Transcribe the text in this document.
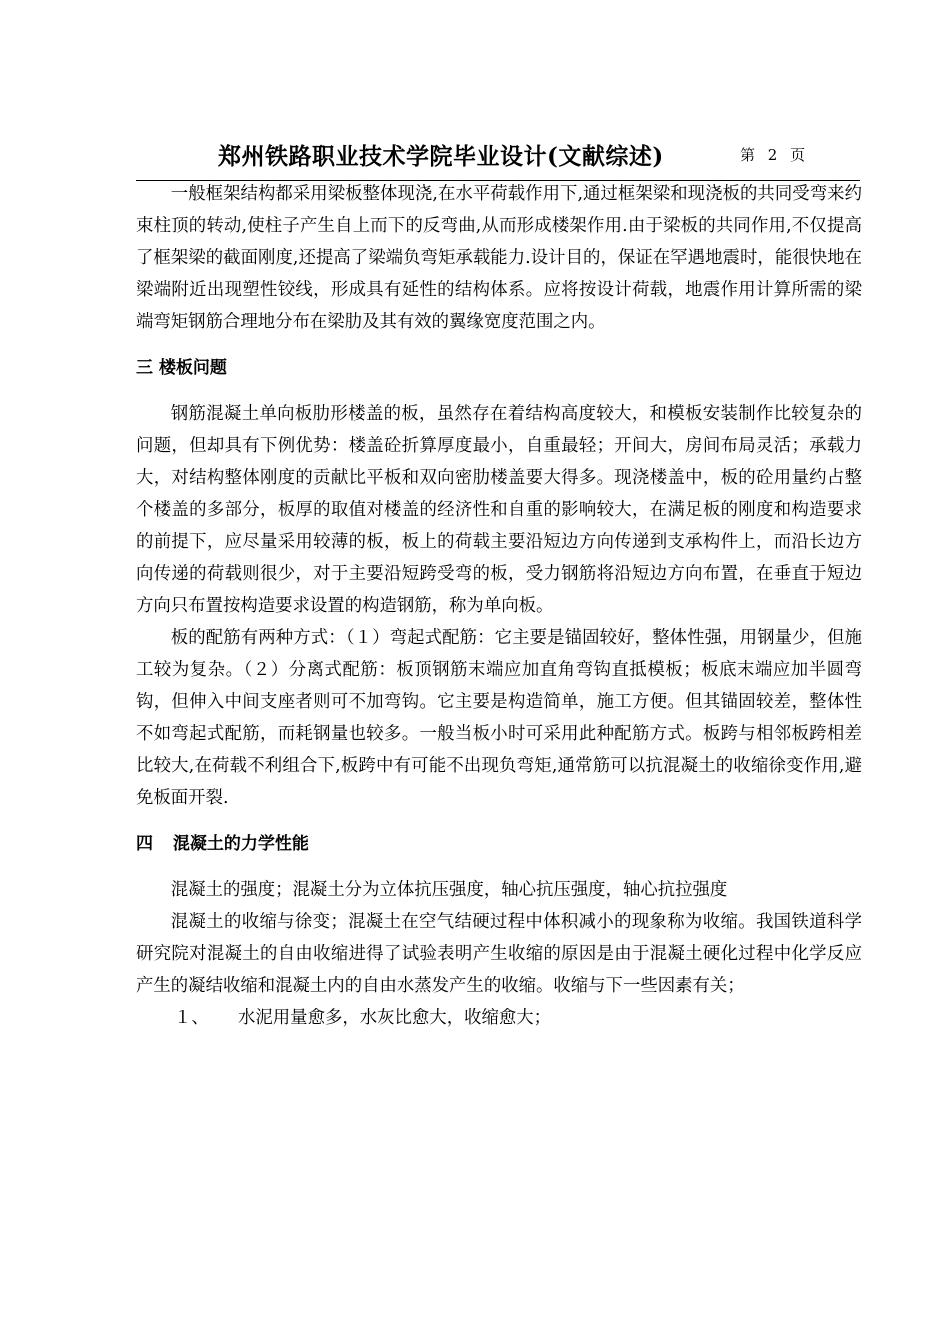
郑州铁路职业技术学院毕业设计(文献综述)	第 2 页

一般框架结构都采用梁板整体现浇,在水平荷载作用下,通过框架梁和现浇板的共同受弯来约束柱顶的转动,使柱子产生自上而下的反弯曲,从而形成楼架作用.由于梁板的共同作用,不仅提高了框架梁的截面刚度,还提高了梁端负弯矩承载能力.设计目的，保证在罕遇地震时，能很快地在梁端附近出现塑性铰线，形成具有延性的结构体系。应将按设计荷载，地震作用计算所需的梁端弯矩钢筋合理地分布在梁肋及其有效的翼缘宽度范围之内。

三 楼板问题

钢筋混凝土单向板肋形楼盖的板，虽然存在着结构高度较大，和模板安装制作比较复杂的问题，但却具有下例优势：楼盖砼折算厚度最小，自重最轻；开间大，房间布局灵活；承载力大，对结构整体刚度的贡献比平板和双向密肋楼盖要大得多。现浇楼盖中，板的砼用量约占整个楼盖的多部分，板厚的取值对楼盖的经济性和自重的影响较大，在满足板的刚度和构造要求的前提下，应尽量采用较薄的板，板上的荷载主要沿短边方向传递到支承构件上，而沿长边方向传递的荷载则很少，对于主要沿短跨受弯的板，受力钢筋将沿短边方向布置，在垂直于短边方向只布置按构造要求设置的构造钢筋，称为单向板。

板的配筋有两种方式：（１）弯起式配筋：它主要是锚固较好，整体性强，用钢量少，但施工较为复杂。（２）分离式配筋：板顶钢筋末端应加直角弯钩直抵模板；板底末端应加半圆弯钩，但伸入中间支座者则可不加弯钩。它主要是构造简单，施工方便。但其锚固较差，整体性不如弯起式配筋，而耗钢量也较多。一般当板小时可采用此种配筋方式。板跨与相邻板跨相差比较大,在荷载不利组合下,板跨中有可能不出现负弯矩,通常筋可以抗混凝土的收缩徐变作用,避免板面开裂.

四 混凝土的力学性能

混凝土的强度；混凝土分为立体抗压强度，轴心抗压强度，轴心抗拉强度

混凝土的收缩与徐变；混凝土在空气结硬过程中体积减小的现象称为收缩。我国铁道科学研究院对混凝土的自由收缩进得了试验表明产生收缩的原因是由于混凝土硬化过程中化学反应产生的凝结收缩和混凝土内的自由水蒸发产生的收缩。收缩与下一些因素有关；

１、 水泥用量愈多，水灰比愈大，收缩愈大；
